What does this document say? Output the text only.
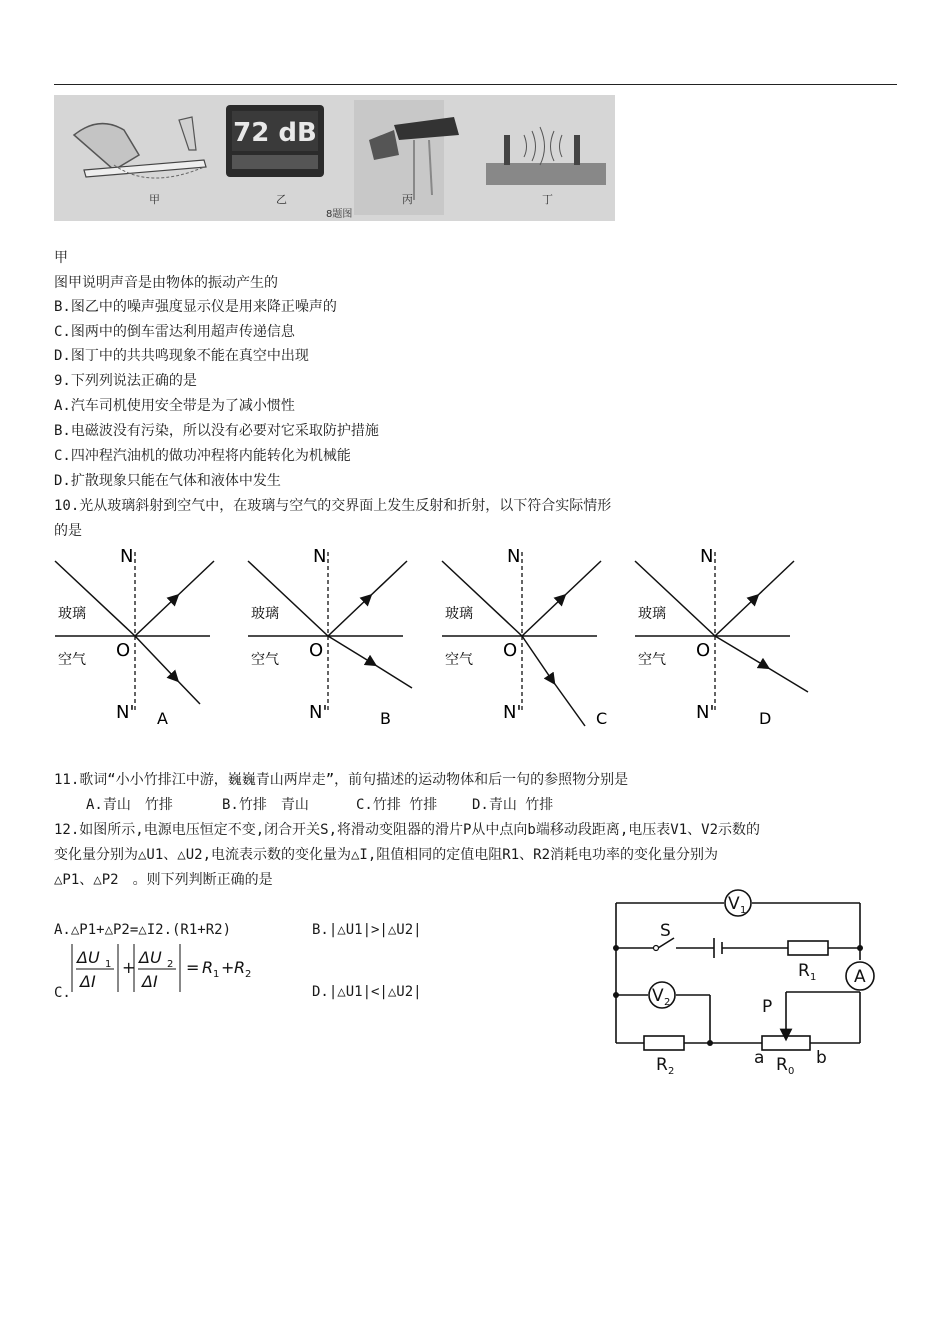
72 dB
甲	乙
8题图
丙	丁
甲
图甲说明声音是由物体的振动产生的
B.图乙中的噪声强度显示仪是用来降正噪声的
C.图两中的倒车雷达利用超声传递信息
D.图丁中的共共鸣现象不能在真空中出现
9.下列列说法正确的是
A.汽车司机使用安全带是为了减小惯性
B.电磁波没有污染，所以没有必要对它采取防护措施
C.四冲程汽油机的做功冲程将内能转化为机械能
D.扩散现象只能在气体和液体中发生
10.光从玻璃斜射到空气中，在玻璃与空气的交界面上发生反射和折射，以下符合实际情形
的是
N
玻璃
空气 O
N' A
N
玻璃
空气 O
N'	B
N
玻璃
空气 O
N'	C
N
玻璃
空气 O
N'	D
11.歌词“小小竹排江中游，巍巍青山两岸走”，前句描述的运动物体和后一句的参照物分别是
A.青山　竹排	B.竹排　青山	C.竹排 竹排 D.青山 竹排
12.如图所示,电源电压恒定不变,闭合开关S,将滑动变阻器的滑片P从中点向b端移动段距离,电压表V1、V2示数的
变化量分别为△U1、△U2,电流表示数的变化量为△I,阻值相同的定值电阻R1、R2消耗电功率的变化量分别为
△P1、△P2　。则下列判断正确的是
A.△P1+△P2=△I2.(R1+R2)	B.|△U1|>|△U2|
C.	D.|△U1|<|△U2|
ΔU 1
ΔI
+
ΔU 2
ΔI
= R 1 + R 2
V 1
V 2
A
S
R 1
R 2	R 0
P
a	b
